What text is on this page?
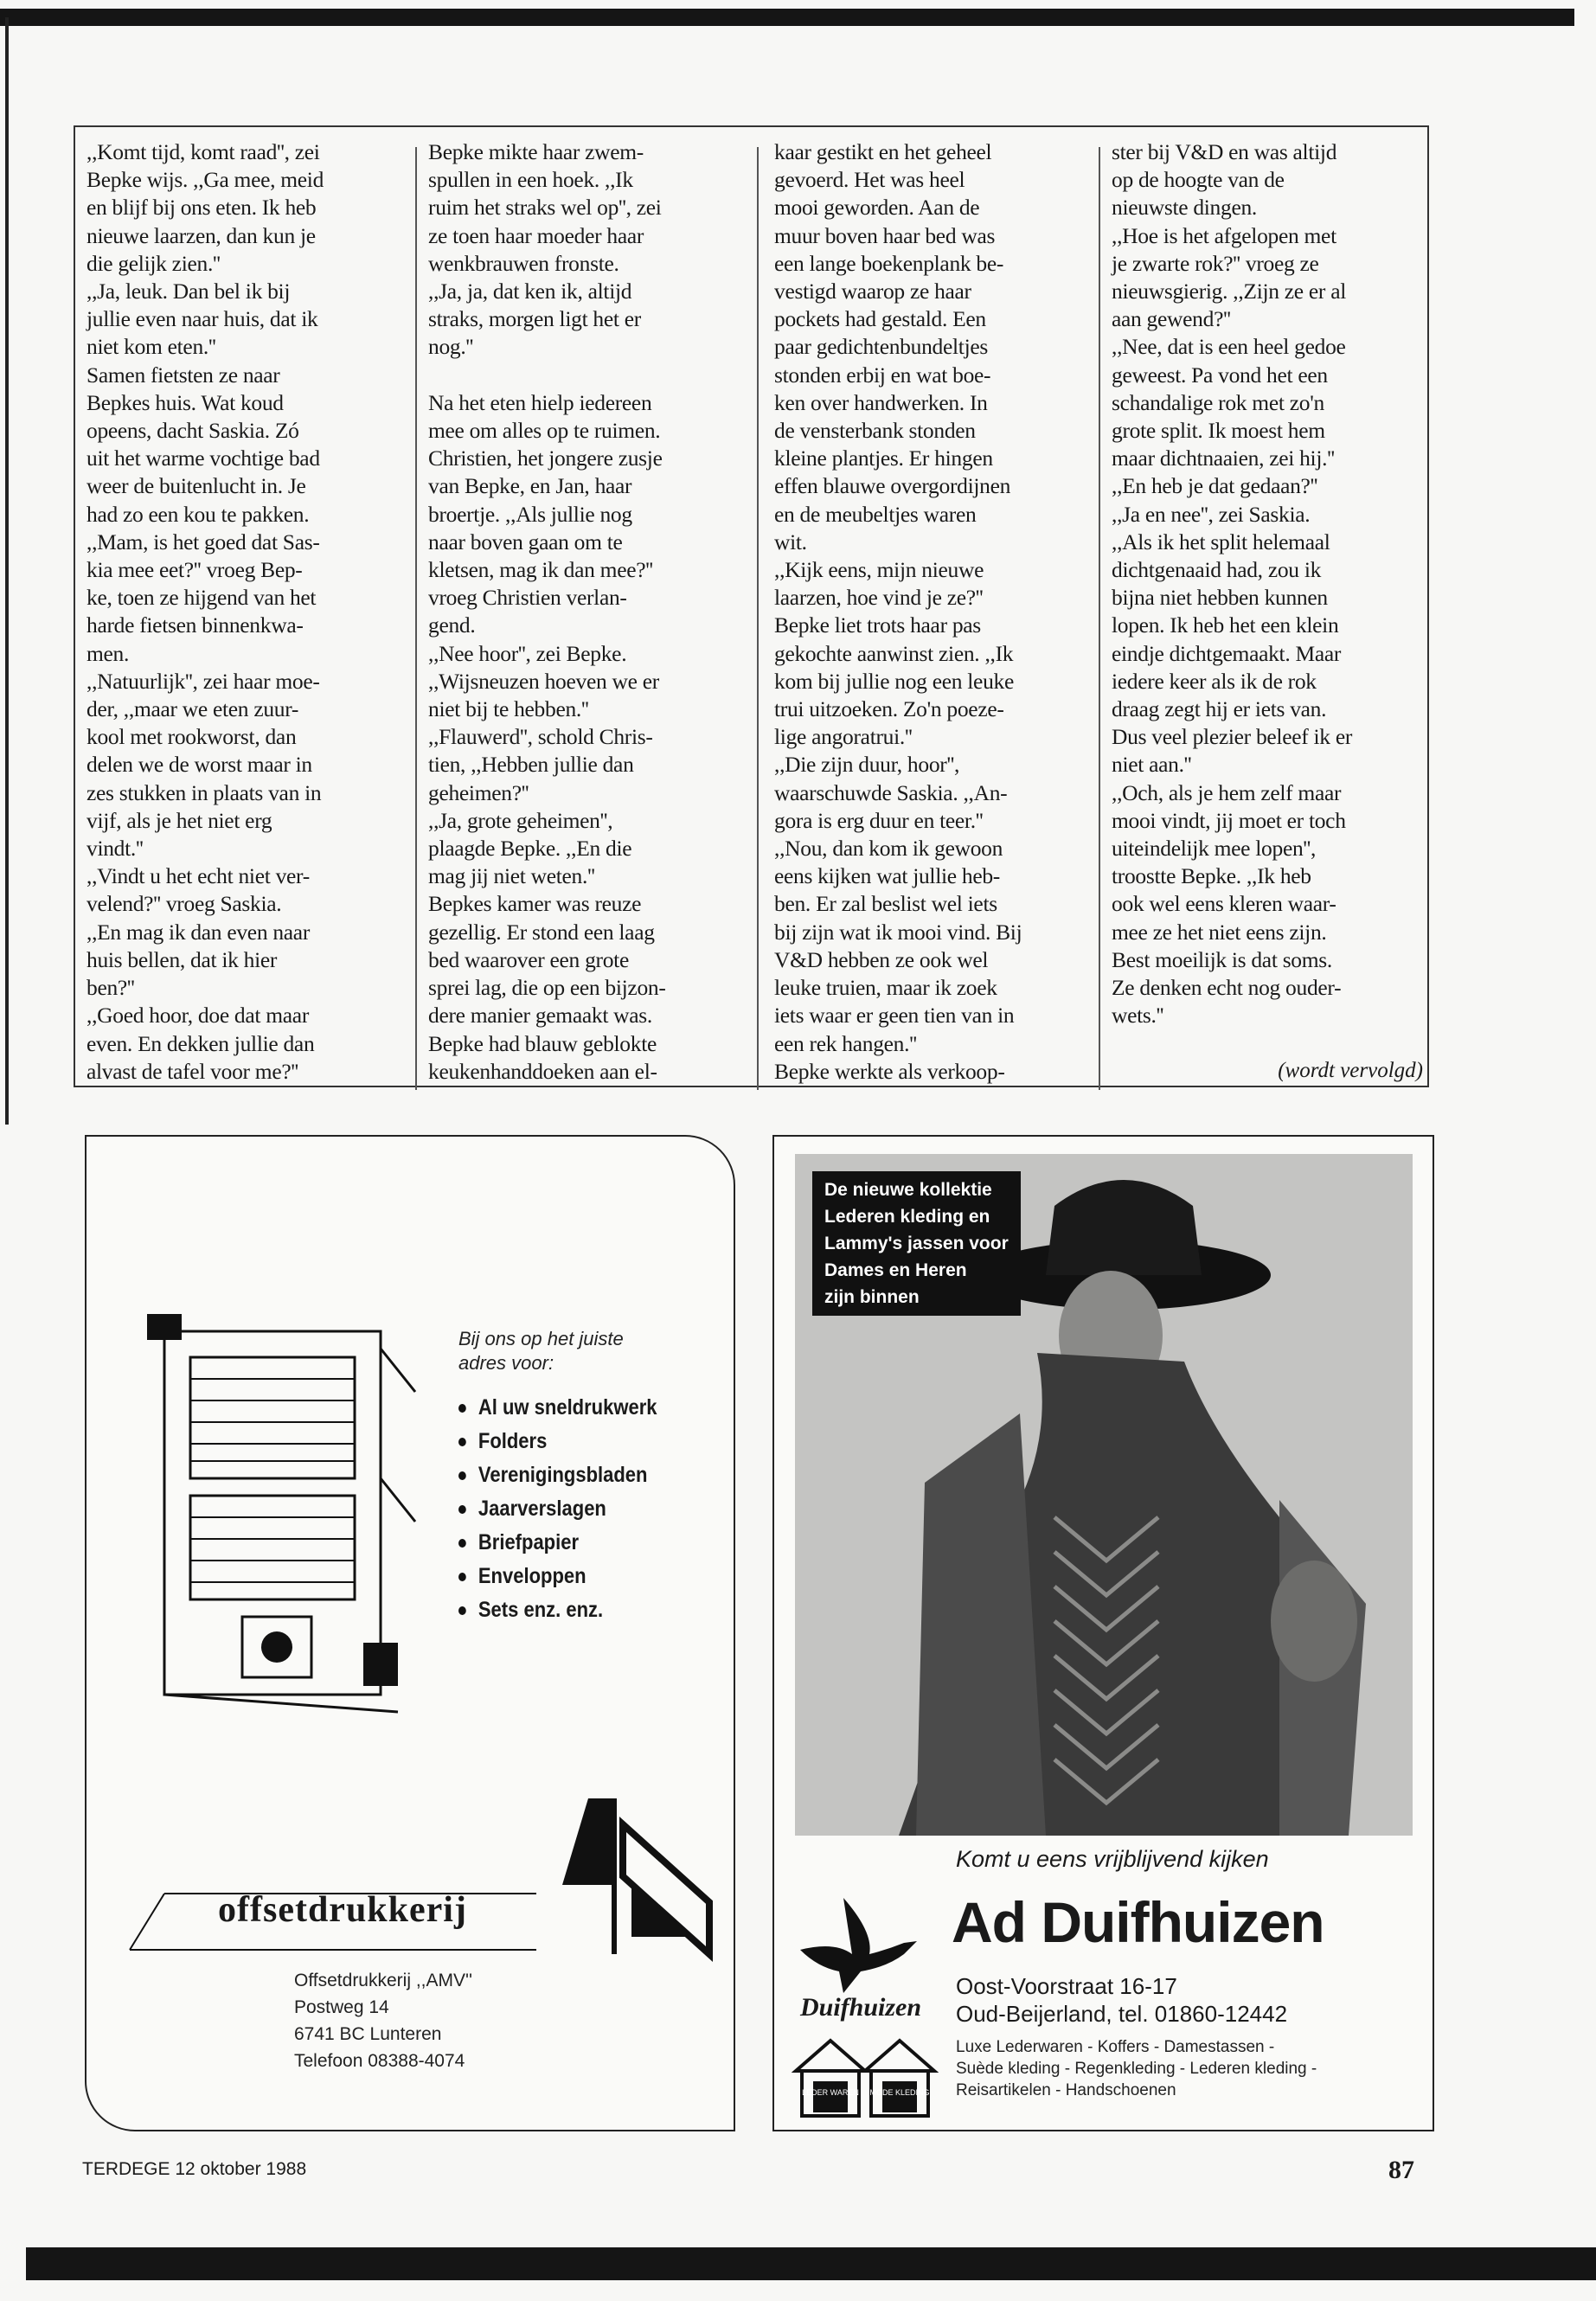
,,Komt tijd, komt raad'', zei
Bepke wijs. ,,Ga mee, meid
en blijf bij ons eten. Ik heb
nieuwe laarzen, dan kun je
die gelijk zien.''
,,Ja, leuk. Dan bel ik bij
jullie even naar huis, dat ik
niet kom eten.''
Samen fietsten ze naar
Bepkes huis. Wat koud
opeens, dacht Saskia. Zó
uit het warme vochtige bad
weer de buitenlucht in. Je
had zo een kou te pakken.
,,Mam, is het goed dat Sas-
kia mee eet?'' vroeg Bep-
ke, toen ze hijgend van het
harde fietsen binnenkwa-
men.
,,Natuurlijk'', zei haar moe-
der, ,,maar we eten zuur-
kool met rookworst, dan
delen we de worst maar in
zes stukken in plaats van in
vijf, als je het niet erg
vindt.''
,,Vindt u het echt niet ver-
velend?'' vroeg Saskia.
,,En mag ik dan even naar
huis bellen, dat ik hier
ben?''
,,Goed hoor, doe dat maar
even. En dekken jullie dan
alvast de tafel voor me?''
Bepke mikte haar zwem-
spullen in een hoek. ,,Ik
ruim het straks wel op'', zei
ze toen haar moeder haar
wenkbrauwen fronste.
,,Ja, ja, dat ken ik, altijd
straks, morgen ligt het er
nog.''

Na het eten hielp iedereen
mee om alles op te ruimen.
Christien, het jongere zusje
van Bepke, en Jan, haar
broertje. ,,Als jullie nog
naar boven gaan om te
kletsen, mag ik dan mee?''
vroeg Christien verlan-
gend.
,,Nee hoor'', zei Bepke.
,,Wijsneuzen hoeven we er
niet bij te hebben.''
,,Flauwerd'', schold Chris-
tien, ,,Hebben jullie dan
geheimen?''
,,Ja, grote geheimen'',
plaagde Bepke. ,,En die
mag jij niet weten.''
Bepkes kamer was reuze
gezellig. Er stond een laag
bed waarover een grote
sprei lag, die op een bijzon-
dere manier gemaakt was.
Bepke had blauw geblokte
keukenhanddoeken aan el-
kaar gestikt en het geheel
gevoerd. Het was heel
mooi geworden. Aan de
muur boven haar bed was
een lange boekenplank be-
vestigd waarop ze haar
pockets had gestald. Een
paar gedichtenbundeltjes
stonden erbij en wat boe-
ken over handwerken. In
de vensterbank stonden
kleine plantjes. Er hingen
effen blauwe overgordijnen
en de meubeltjes waren
wit.
,,Kijk eens, mijn nieuwe
laarzen, hoe vind je ze?''
Bepke liet trots haar pas
gekochte aanwinst zien. ,,Ik
kom bij jullie nog een leuke
trui uitzoeken. Zo'n poeze-
lige angoratrui.''
,,Die zijn duur, hoor'',
waarschuwde Saskia. ,,An-
gora is erg duur en teer.''
,,Nou, dan kom ik gewoon
eens kijken wat jullie heb-
ben. Er zal beslist wel iets
bij zijn wat ik mooi vind. Bij
V&D hebben ze ook wel
leuke truien, maar ik zoek
iets waar er geen tien van in
een rek hangen.''
Bepke werkte als verkoop-
ster bij V&D en was altijd
op de hoogte van de
nieuwste dingen.
,,Hoe is het afgelopen met
je zwarte rok?'' vroeg ze
nieuwsgierig. ,,Zijn ze er al
aan gewend?''
,,Nee, dat is een heel gedoe
geweest. Pa vond het een
schandalige rok met zo'n
grote split. Ik moest hem
maar dichtnaaien, zei hij.''
,,En heb je dat gedaan?''
,,Ja en nee'', zei Saskia.
,,Als ik het split helemaal
dichtgenaaid had, zou ik
bijna niet hebben kunnen
lopen. Ik heb het een klein
eindje dichtgemaakt. Maar
iedere keer als ik de rok
draag zegt hij er iets van.
Dus veel plezier beleef ik er
niet aan.''
,,Och, als je hem zelf maar
mooi vindt, jij moet er toch
uiteindelijk mee lopen'',
troostte Bepke. ,,Ik heb
ook wel eens kleren waar-
mee ze het niet eens zijn.
Best moeilijk is dat soms.
Ze denken echt nog ouder-
wets.''
(wordt vervolgd)
Bij ons op het juiste
adres voor:
Al uw sneldrukwerk
Folders
Verenigingsbladen
Jaarverslagen
Briefpapier
Enveloppen
Sets enz. enz.
offsetdrukkerij
Offsetdrukkerij ,,AMV''
Postweg 14
6741 BC Lunteren
Telefoon 08388-4074
De nieuwe kollektie
Lederen kleding en
Lammy's jassen voor
Dames en Heren
zijn binnen
Komt u eens vrijblijvend kijken
Duifhuizen
LEDER WAREN MODE KLEDING
Ad Duifhuizen
Oost-Voorstraat 16-17
Oud-Beijerland, tel. 01860-12442
Luxe Lederwaren - Koffers - Damestassen -
Suède kleding - Regenkleding - Lederen kleding -
Reisartikelen - Handschoenen
TERDEGE 12 oktober 1988	87
